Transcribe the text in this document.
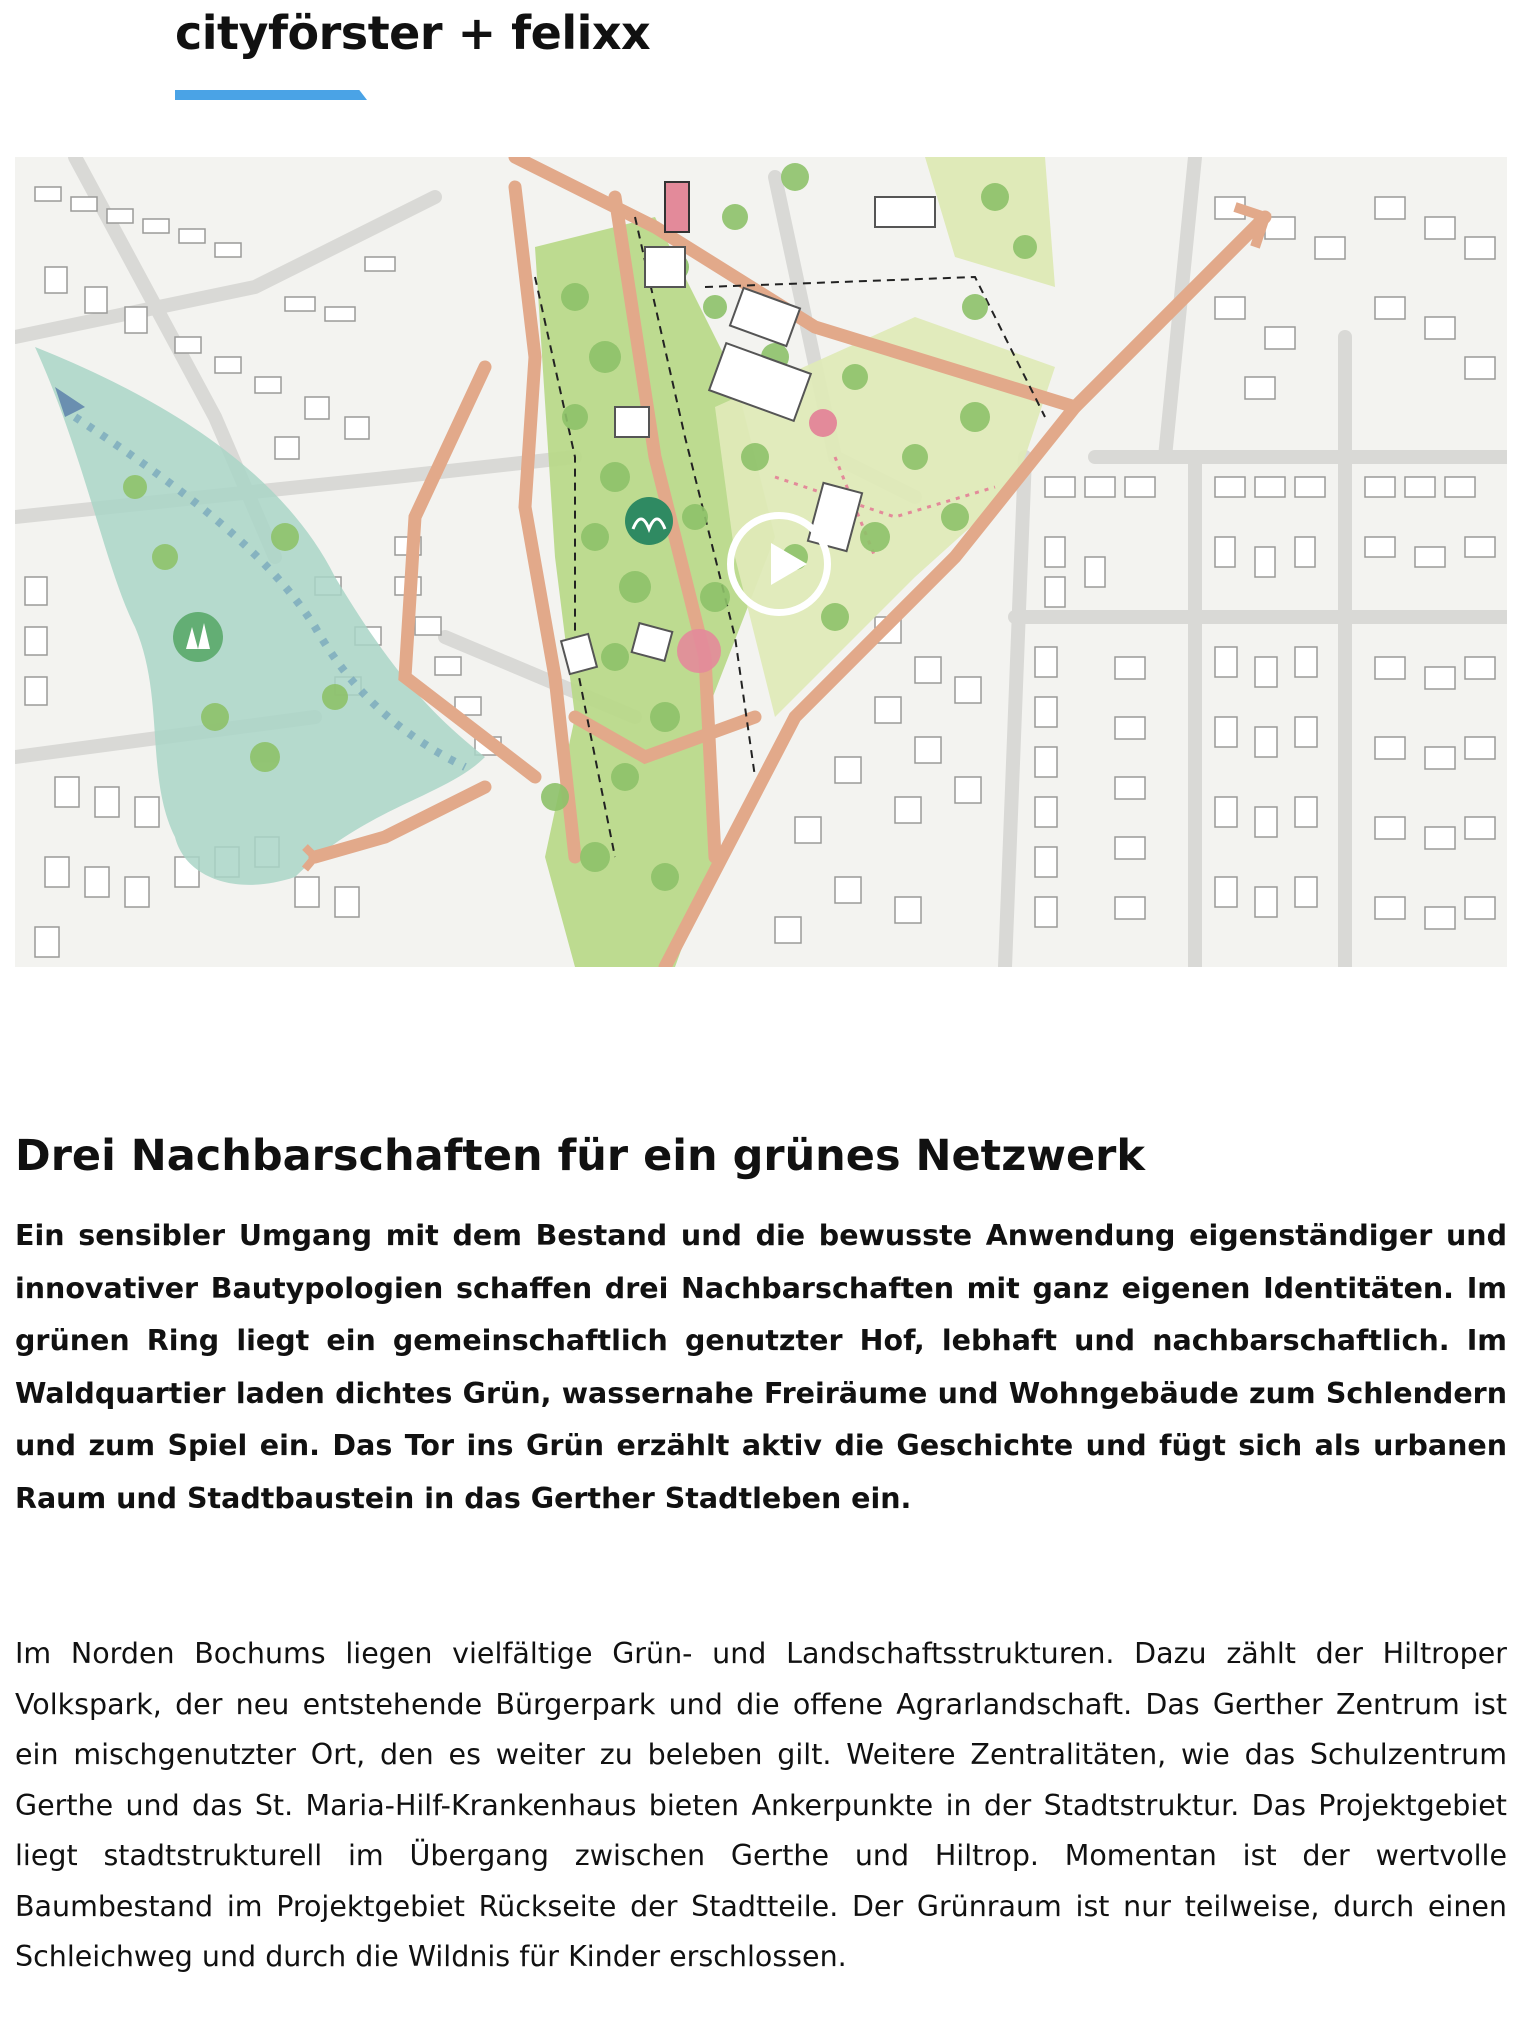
cityförster + felixx
Drei Nachbarschaften für ein grünes Netzwerk

Ein sensibler Umgang mit dem Bestand und die bewusste Anwendung eigenständiger und innovativer Bautypologien schaffen drei Nachbarschaften mit ganz eigenen Identitäten. Im grünen Ring liegt ein gemeinschaftlich genutzter Hof, lebhaft und nachbarschaftlich. Im Waldquartier laden dichtes Grün, wassernahe Freiräume und Wohngebäude zum Schlendern und zum Spiel ein. Das Tor ins Grün erzählt aktiv die Geschichte und fügt sich als urbanen Raum und Stadtbaustein in das Gerther Stadtleben ein.

Im Norden Bochums liegen vielfältige Grün- und Landschaftsstrukturen. Dazu zählt der Hiltroper Volkspark, der neu entstehende Bürgerpark und die offene Agrarlandschaft. Das Gerther Zentrum ist ein mischgenutzter Ort, den es weiter zu beleben gilt. Weitere Zentralitäten, wie das Schulzentrum Gerthe und das St. Maria-Hilf-Krankenhaus bieten Ankerpunkte in der Stadtstruktur. Das Projektgebiet liegt stadtstrukturell im Übergang zwischen Gerthe und Hiltrop. Momentan ist der wertvolle Baumbestand im Projektgebiet Rückseite der Stadtteile. Der Grünraum ist nur teilweise, durch einen Schleichweg und durch die Wildnis für Kinder erschlossen.
